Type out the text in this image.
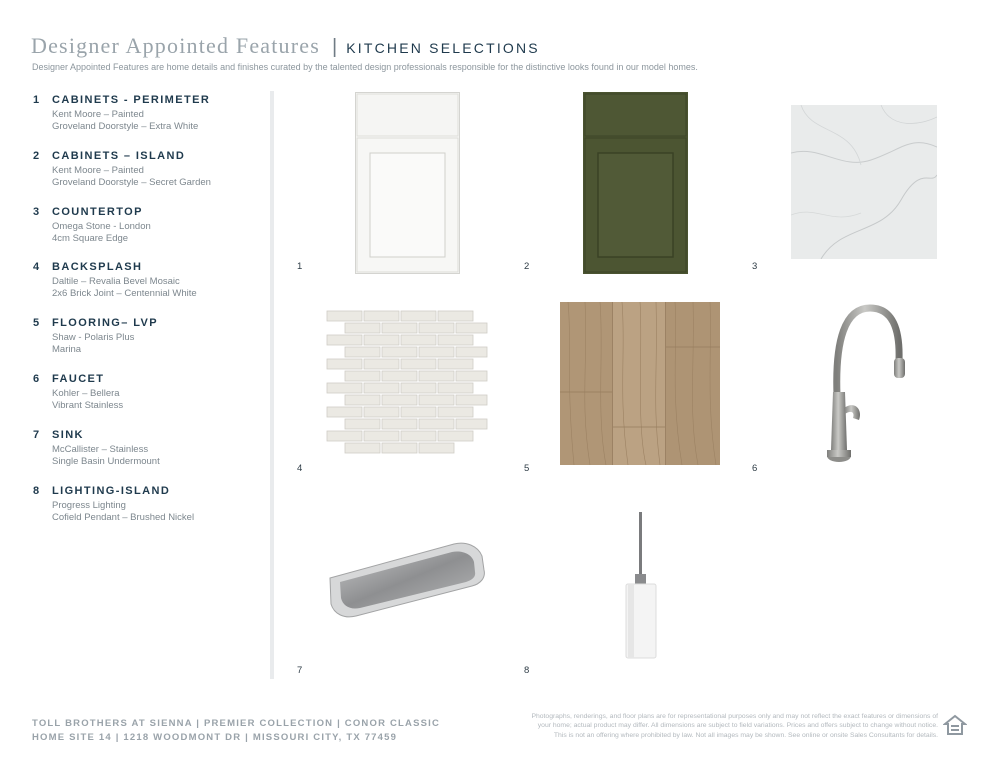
Designer Appointed Features | KITCHEN SELECTIONS
Designer Appointed Features are home details and finishes curated by the talented design professionals responsible for the distinctive looks found in our model homes.
1	CABINETS - PERIMETER
Kent Moore – Painted
Groveland Doorstyle – Extra White
2	CABINETS – ISLAND
Kent Moore – Painted
Groveland Doorstyle – Secret Garden
3	COUNTERTOP
Omega Stone - London
4cm Square Edge
4	BACKSPLASH
Daltile – Revalia Bevel Mosaic
2x6 Brick Joint – Centennial White
5	FLOORING– LVP
Shaw - Polaris Plus
Marina
6	FAUCET
Kohler – Bellera
Vibrant Stainless
7	SINK
McCallister – Stainless
Single Basin Undermount
8	LIGHTING-ISLAND
Progress Lighting
Cofield Pendant – Brushed Nickel
1	2	3
4	5	6
7	8
TOLL BROTHERS AT SIENNA | PREMIER COLLECTION | CONOR CLASSIC
HOME SITE 14 | 1218 WOODMONT DR | MISSOURI CITY, TX 77459
Photographs, renderings, and floor plans are for representational purposes only and may not reflect the exact features or dimensions of
your home; actual product may differ. All dimensions are subject to field variations. Prices and offers subject to change without notice.
This is not an offering where prohibited by law. Not all images may be shown. See online or onsite Sales Consultants for details.
